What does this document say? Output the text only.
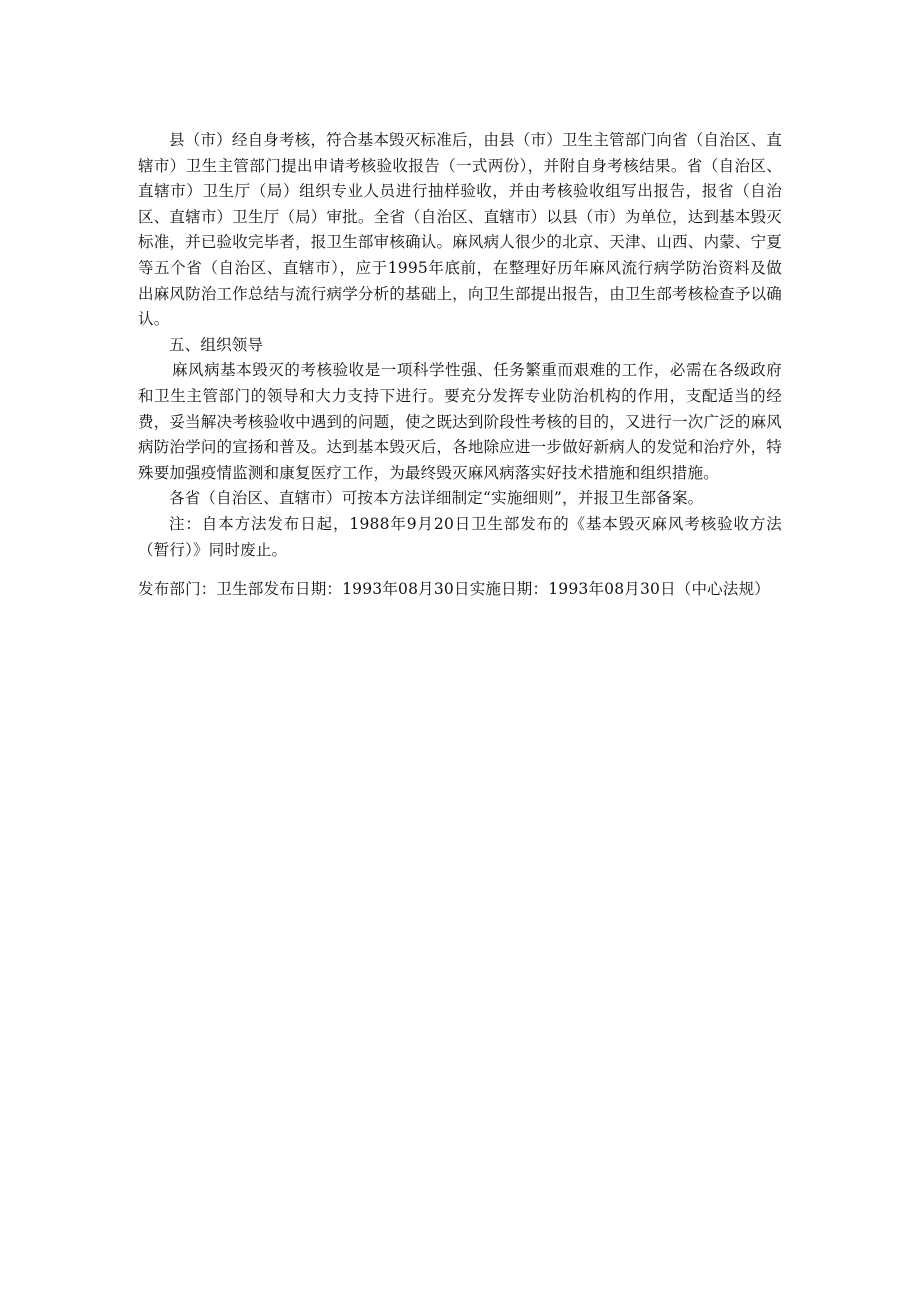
县（市）经自身考核，符合基本毁灭标准后，由县（市）卫生主管部门向省（自治区、直辖市）卫生主管部门提出申请考核验收报告（一式两份），并附自身考核结果。省（自治区、直辖市）卫生厅（局）组织专业人员进行抽样验收，并由考核验收组写出报告，报省（自治区、直辖市）卫生厅（局）审批。全省（自治区、直辖市）以县（市）为单位，达到基本毁灭标准，并已验收完毕者，报卫生部审核确认。麻风病人很少的北京、天津、山西、内蒙、宁夏等五个省（自治区、直辖市），应于1995年底前，在整理好历年麻风流行病学防治资料及做出麻风防治工作总结与流行病学分析的基础上，向卫生部提出报告，由卫生部考核检查予以确认。

五、组织领导

麻风病基本毁灭的考核验收是一项科学性强、任务繁重而艰难的工作，必需在各级政府和卫生主管部门的领导和大力支持下进行。要充分发挥专业防治机构的作用，支配适当的经费，妥当解决考核验收中遇到的问题，使之既达到阶段性考核的目的，又进行一次广泛的麻风病防治学问的宣扬和普及。达到基本毁灭后，各地除应进一步做好新病人的发觉和治疗外，特殊要加强疫情监测和康复医疗工作，为最终毁灭麻风病落实好技术措施和组织措施。

各省（自治区、直辖市）可按本方法详细制定“实施细则”，并报卫生部备案。

注：自本方法发布日起，1988年9月20日卫生部发布的《基本毁灭麻风考核验收方法（暂行）》同时废止。

发布部门：卫生部发布日期：1993年08月30日实施日期：1993年08月30日（中心法规）
